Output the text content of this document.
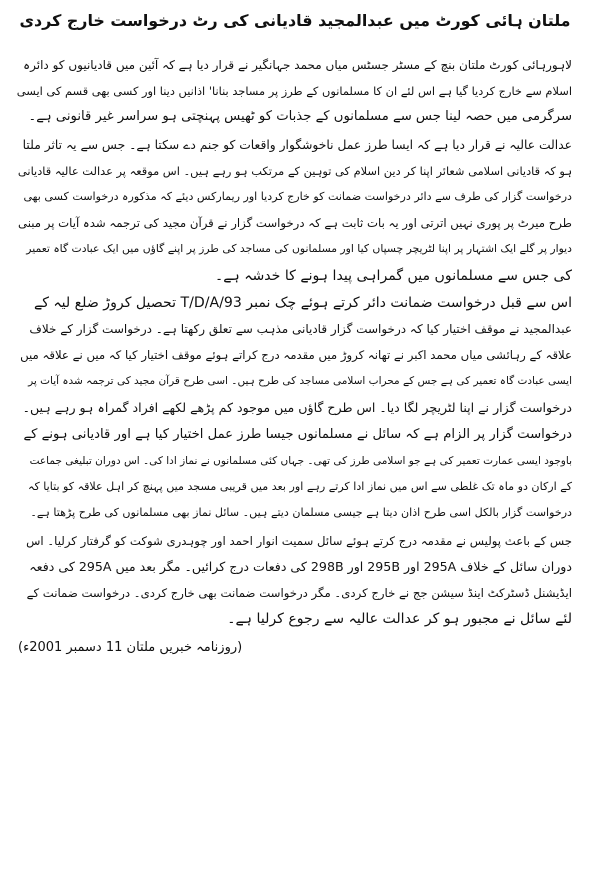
ملتان ہائی کورٹ میں عبدالمجید قادیانی کی رٹ درخواست خارج کردی
لاہورہائی کورٹ ملتان بنچ کے مسٹر جسٹس میاں محمد جہانگیر نے قرار دیا ہے کہ آئین میں قادیانیوں کو دائرہ
اسلام سے خارج کردیا گیا ہے اس لئے ان کا مسلمانوں کے طرز پر مساجد بنانا' اذانیں دینا اور کسی بھی قسم کی ایسی
سرگرمی میں حصہ لینا جس سے مسلمانوں کے جذبات کو ٹھیس پہنچتی ہو سراسر غیر قانونی ہے۔
عدالت عالیہ نے قرار دیا ہے کہ ایسا طرز عمل ناخوشگوار واقعات کو جنم دے سکتا ہے۔ جس سے یہ تاثر ملتا
ہو کہ قادیانی اسلامی شعائر اپنا کر دین اسلام کی توہین کے مرتکب ہو رہے ہیں۔ اس موقعہ پر عدالت عالیہ قادیانی
درخواست گزار کی طرف سے دائر درخواست ضمانت کو خارج کردیا اور ریمارکس دیئے کہ مذکورہ درخواست کسی بھی
طرح میرٹ پر پوری نہیں اترتی اور یہ بات ثابت ہے کہ درخواست گزار نے قرآن مجید کی ترجمہ شدہ آیات پر مبنی
دیوار پر گلے ایک اشتہار پر اپنا لٹریچر چسپاں کیا اور مسلمانوں کی مساجد کی طرز پر اپنے گاؤں میں ایک عبادت گاہ تعمیر
کی جس سے مسلمانوں میں گمراہی پیدا ہونے کا خدشہ ہے۔
اس سے قبل درخواست ضمانت دائر کرتے ہوئے چک نمبر 93/T/D/A تحصیل کروڑ ضلع لیہ کے
عبدالمجید نے موقف اختیار کیا کہ درخواست گزار قادیانی مذہب سے تعلق رکھتا ہے۔ درخواست گزار کے خلاف
علاقہ کے رہائشی میاں محمد اکبر نے تھانہ کروڑ میں مقدمہ درج کراتے ہوئے موقف اختیار کیا کہ میں نے علاقہ میں
ایسی عبادت گاہ تعمیر کی ہے جس کے محراب اسلامی مساجد کی طرح ہیں۔ اسی طرح قرآن مجید کی ترجمہ شدہ آیات پر
درخواست گزار نے اپنا لٹریچر لگا دیا۔ اس طرح گاؤں میں موجود کم پڑھے لکھے افراد گمراہ ہو رہے ہیں۔
درخواست گزار پر الزام ہے کہ سائل نے مسلمانوں جیسا طرز عمل اختیار کیا ہے اور قادیانی ہونے کے
باوجود ایسی عمارت تعمیر کی ہے جو اسلامی طرز کی تھی۔ جہاں کئی مسلمانوں نے نماز ادا کی۔ اس دوران تبلیغی جماعت
کے ارکان دو ماہ تک غلطی سے اس میں نماز ادا کرتے رہے اور بعد میں قریبی مسجد میں پہنچ کر اہل علاقہ کو بتایا کہ
درخواست گزار بالکل اسی طرح اذان دیتا ہے جیسی مسلمان دیتے ہیں۔ سائل نماز بھی مسلمانوں کی طرح پڑھتا ہے۔
جس کے باعث پولیس نے مقدمہ درج کرتے ہوئے سائل سمیت انوار احمد اور چوہدری شوکت کو گرفتار کرلیا۔ اس
دوران سائل کے خلاف 295A اور 295B اور 298B کی دفعات درج کرائیں۔ مگر بعد میں 295A کی دفعہ
ایڈیشنل ڈسٹرکٹ اینڈ سیشن جج نے خارج کردی۔ مگر درخواست ضمانت بھی خارج کردی۔ درخواست ضمانت کے
لئے سائل نے مجبور ہو کر عدالت عالیہ سے رجوع کرلیا ہے۔
(روزنامہ خبریں ملتان 11 دسمبر 2001ء)
